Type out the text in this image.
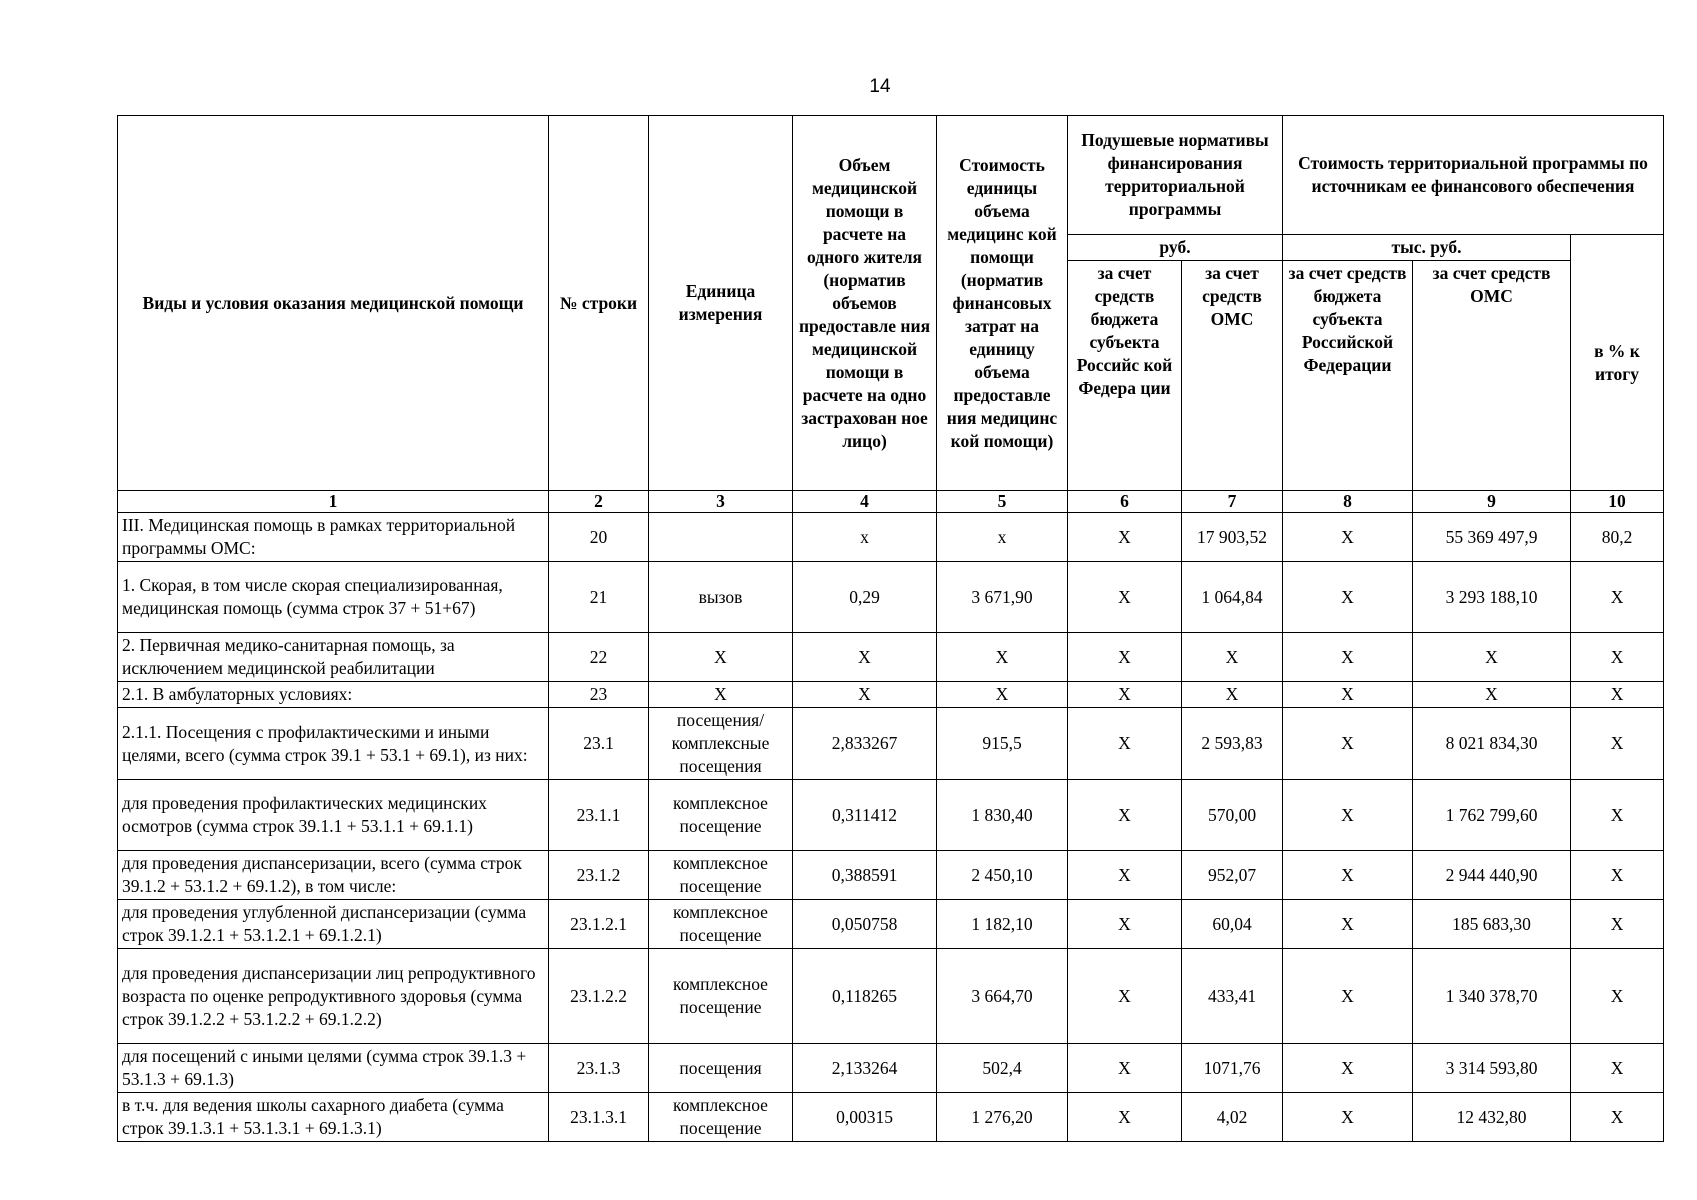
14
Виды и условия оказания медицинской помощи	№ строки	Единица измерения	Объем медицинской помощи в расчете на одного жителя (норматив объемов предоставле ния медицинской помощи в расчете на одно застрахован ное лицо)	Стоимость единицы объема медицинс кой помощи (норматив финансовых затрат на единицу объема предоставле ния медицинс кой помощи)	Подушевые нормативы финансирования территориальной программы		Стоимость территориальной программы по источникам ее финансового обеспечения		
					руб.		тыс. руб.		в % к итогу
					за счет средств бюджета субъекта Российс кой Федера ции	за счет средств ОМС	за счет средств бюджета субъекта Российской Федерации	за счет средств ОМС	
1	2	3	4	5	6	7	8	9	10
III. Медицинская помощь в рамках территориальной программы ОМС:	20		х	х	Х	17 903,52	Х	55 369 497,9	80,2
1. Скорая, в том числе скорая специализированная, медицинская помощь (сумма строк 37 + 51+67)	21	вызов	0,29	3 671,90	Х	1 064,84	Х	3 293 188,10	Х
2. Первичная медико-санитарная помощь, за исключением медицинской реабилитации	22	Х	Х	Х	Х	Х	Х	Х	Х
2.1. В амбулаторных условиях:	23	Х	Х	Х	Х	Х	Х	Х	Х
2.1.1. Посещения с профилактическими и иными целями, всего (сумма строк 39.1 + 53.1 + 69.1), из них:	23.1	посещения/ комплексные посещения	2,833267	915,5	Х	2 593,83	Х	8 021 834,30	Х
для проведения профилактических медицинских осмотров (сумма строк 39.1.1 + 53.1.1 + 69.1.1)	23.1.1	комплексное посещение	0,311412	1 830,40	Х	570,00	Х	1 762 799,60	Х
для проведения диспансеризации, всего (сумма строк 39.1.2 + 53.1.2 + 69.1.2), в том числе:	23.1.2	комплексное посещение	0,388591	2 450,10	Х	952,07	Х	2 944 440,90	Х
для проведения углубленной диспансеризации (сумма строк 39.1.2.1 + 53.1.2.1 + 69.1.2.1)	23.1.2.1	комплексное посещение	0,050758	1 182,10	Х	60,04	Х	185 683,30	Х
для проведения диспансеризации лиц репродуктивного возраста по оценке репродуктивного здоровья (сумма строк 39.1.2.2 + 53.1.2.2 + 69.1.2.2)	23.1.2.2	комплексное посещение	0,118265	3 664,70	Х	433,41	Х	1 340 378,70	Х
для посещений с иными целями (сумма строк 39.1.3 + 53.1.3 + 69.1.3)	23.1.3	посещения	2,133264	502,4	Х	1071,76	Х	3 314 593,80	Х
в т.ч. для ведения школы сахарного диабета (сумма строк 39.1.3.1 + 53.1.3.1 + 69.1.3.1)	23.1.3.1	комплексное посещение	0,00315	1 276,20	Х	4,02	Х	12 432,80	Х
